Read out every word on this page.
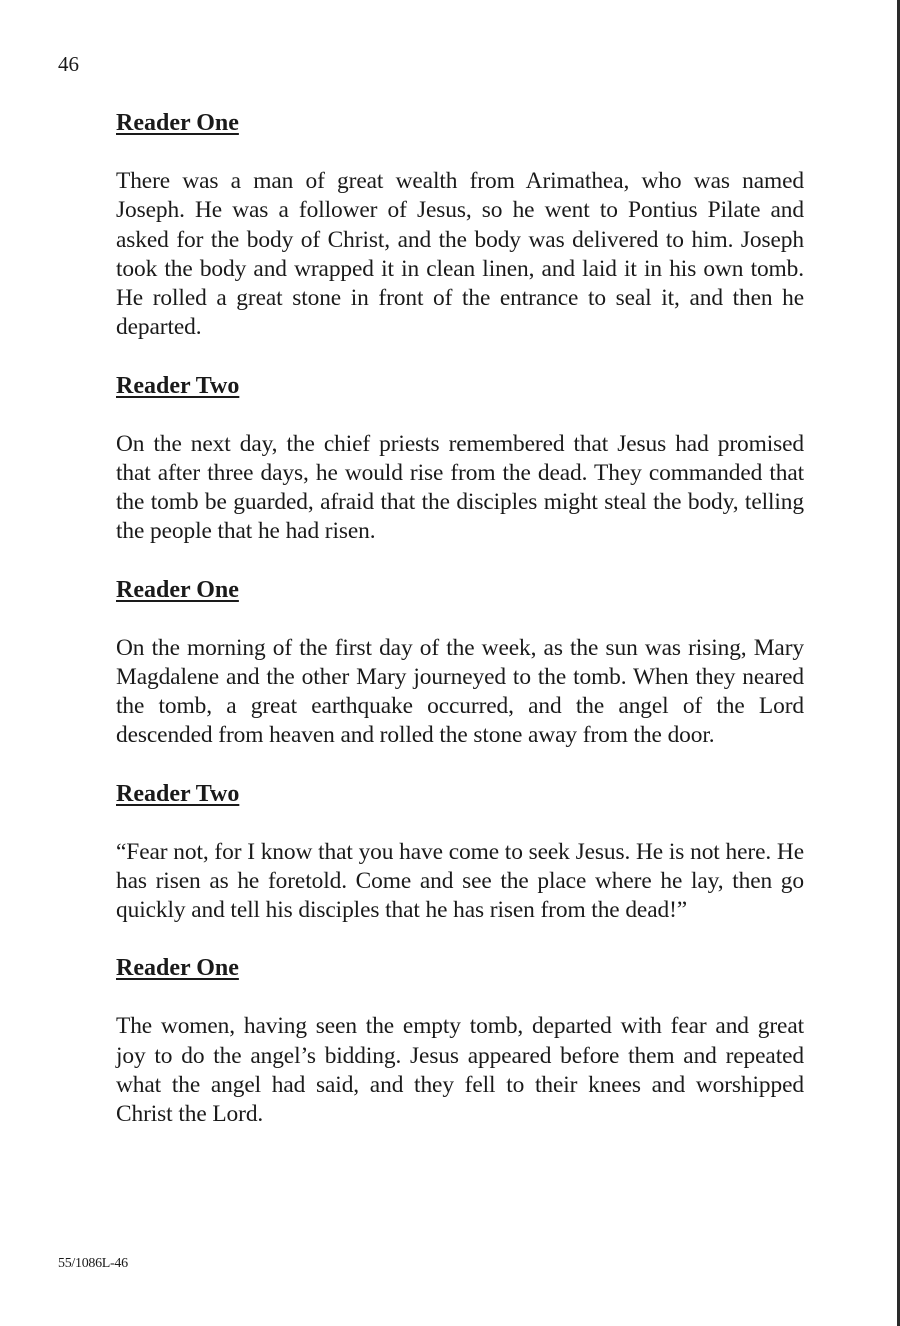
46
Reader One

There was a man of great wealth from Arimathea, who was named Joseph. He was a follower of Jesus, so he went to Pontius Pilate and asked for the body of Christ, and the body was delivered to him. Joseph took the body and wrapped it in clean linen, and laid it in his own tomb. He rolled a great stone in front of the entrance to seal it, and then he departed.

Reader Two

On the next day, the chief priests remembered that Jesus had promised that after three days, he would rise from the dead. They commanded that the tomb be guarded, afraid that the disciples might steal the body, telling the people that he had risen.

Reader One

On the morning of the first day of the week, as the sun was rising, Mary Magdalene and the other Mary journeyed to the tomb. When they neared the tomb, a great earthquake occurred, and the angel of the Lord descended from heaven and rolled the stone away from the door.

Reader Two

“Fear not, for I know that you have come to seek Jesus. He is not here. He has risen as he foretold. Come and see the place where he lay, then go quickly and tell his disciples that he has risen from the dead!”

Reader One

The women, having seen the empty tomb, departed with fear and great joy to do the angel’s bidding. Jesus appeared before them and repeated what the angel had said, and they fell to their knees and worshipped Christ the Lord.

55/1086L-46
